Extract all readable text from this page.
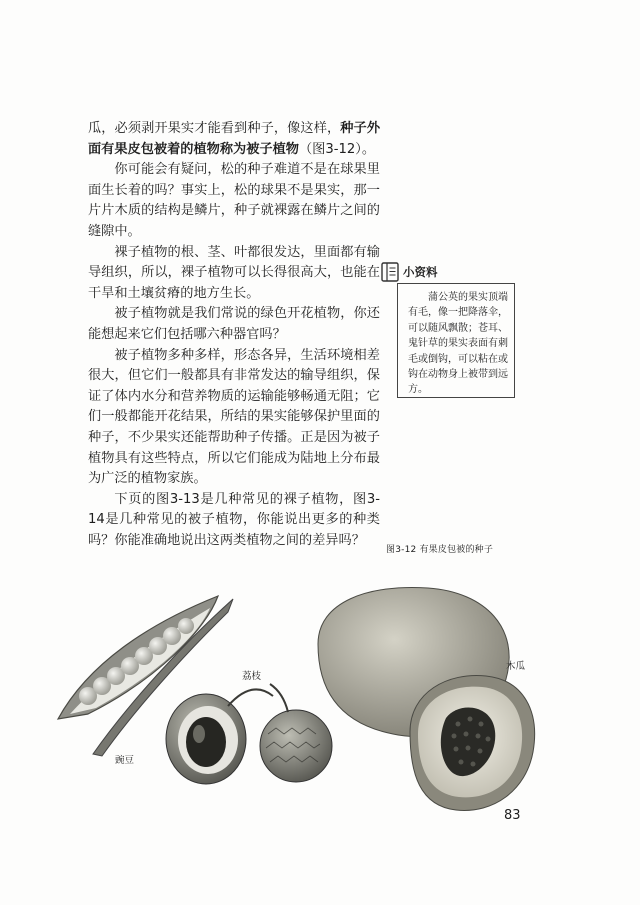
瓜，必须剥开果实才能看到种子，像这样，种子外面有果皮包被着的植物称为被子植物（图3-12）。

你可能会有疑问，松的种子难道不是在球果里面生长着的吗？事实上，松的球果不是果实，那一片片木质的结构是鳞片，种子就裸露在鳞片之间的缝隙中。

裸子植物的根、茎、叶都很发达，里面都有输导组织，所以，裸子植物可以长得很高大，也能在干旱和土壤贫瘠的地方生长。

被子植物就是我们常说的绿色开花植物，你还能想起来它们包括哪六种器官吗？

被子植物多种多样，形态各异，生活环境相差很大，但它们一般都具有非常发达的输导组织，保证了体内水分和营养物质的运输能够畅通无阻；它们一般都能开花结果，所结的果实能够保护里面的种子，不少果实还能帮助种子传播。正是因为被子植物具有这些特点，所以它们能成为陆地上分布最为广泛的植物家族。

下页的图3-13是几种常见的裸子植物，图3-14是几种常见的被子植物，你能说出更多的种类吗？你能准确地说出这两类植物之间的差异吗？

小资料

蒲公英的果实顶端有毛，像一把降落伞，可以随风飘散；苍耳、鬼针草的果实表面有刺毛或倒钩，可以粘在或钩在动物身上被带到远方。

图3-12 有果皮包被的种子
豌豆
荔枝
木瓜
83
